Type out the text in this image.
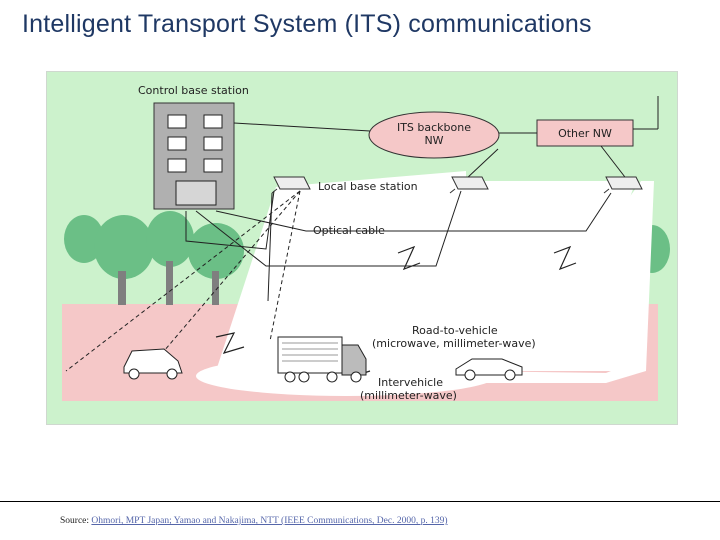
Intelligent Transport System (ITS) communications
Control base station
ITS backbone
NW
Other NW
Local base station
Optical cable
Road-to-vehicle
(microwave, millimeter-wave)
Intervehicle
(millimeter-wave)
Source: Ohmori, MPT Japan; Yamao and Nakajima, NTT (IEEE Communications, Dec. 2000, p. 139)
